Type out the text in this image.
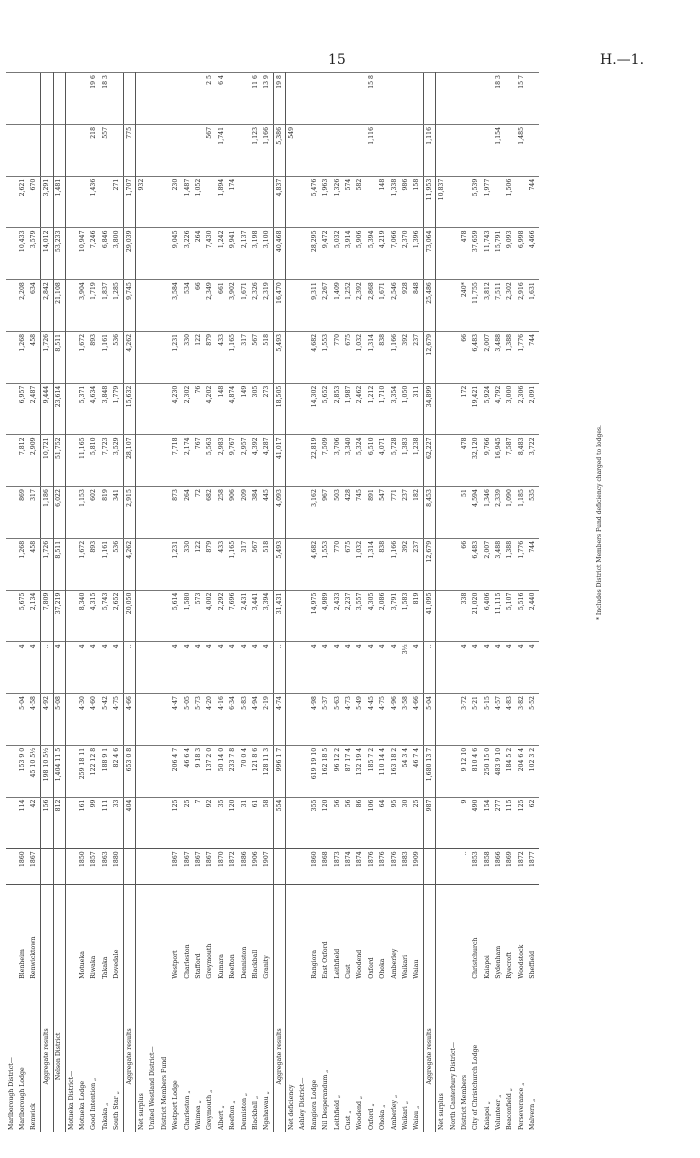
15	H.—1.
Marlborough District—																	
Marlborough Lodge	Blenheim	1860	114	153 9 0	5·04	4	5,675	1,268	869	7,812	6,957	1,268	2,208	10,433	2,621		
Renwick	Renwicktown	1867	42	45 10 5½	4·58	4	2,134	458	317	2,909	2,487	458	634	3,579	670		
Aggregate results			156	198 10 5½	4·92	..	7,809	1,726	1,186	10,721	9,444	1,726	2,842	14,012	3,291		
Nelson District			812	1,404 11 5	5·08	4	37,219	8,511	6,022	51,752	23,614	8,511	21,108	53,233	1,481		
Motueka District—																	
Motueka Lodge	Motueka	1850	161	259 18 11	4·30	4	8,340	1,672	1,153	11,165	5,371	1,672	3,904	10,947			
Good Intention „	Riwaka	1857	99	122 12 8	4·60	4	4,315	893	602	5,810	4,634	893	1,719	7,246	1,436	218	19 6
Takaka „	Takaka	1863	111	188 9 1	5·42	4	5,743	1,161	819	7,723	3,848	1,161	1,837	6,846		557	18 3
South Star „	Dovedale	1880	33	82 4 6	4·75	4	2,652	536	341	3,529	1,779	536	1,285	3,800	271		
Aggregate results			404	653 0 8	4·66	..	20,050	4,262	2,915	28,107	15,632	4,262	9,745	29,039	1,707	775	
Net surplus															932		
United Westland District—																	
District Members Fund																	
Westport Lodge	Westport	1867	125	206 4 7	4·47	4	5,614	1,231	873	7,718	4,230	1,231	3,584	9,045	230		
Charleston „	Charleston	1867	25	46 6 4	5·05	4	1,580	330	264	2,174	2,302	330	534	3,226	1,487		
Waimea „	Stafford	1867	7	9 18 3	5·73	4	573	122	72	767	76	122	66	264	1,052		
Greymouth „	Greymouth	1867	92	137 2 0	4·20	4	4,002	879	682	5,563	4,202	879	2,349	7,430		567	2 5
Albert „	Kumara	1870	35	50 14 0	4·16	4	2,292	433	258	2,983	148	433	661	1,242	1,894	1,741	6 4
Reefton „	Reefton	1872	120	233 7 8	6·34	4	7,696	1,165	906	9,767	4,874	1,165	3,902	9,941	174		
Denniston „	Denniston	1886	31	70 0 4	5·83	4	2,431	317	209	2,957	149	317	1,671	2,137			
Blackball „	Blackball	1906	61	121 8 6	4·94	4	3,441	567	384	4,392	305	567	2,326	3,198		1,123	11 6
Ngahawau „	Granity	1907	58	128 11 3	2·19	4	3,394	518	445	4,287	273	518	2,319	3,100		1,166	13 9
Aggregate results			554	996 1 7	4·74	..	31,431	5,493	4,093	41,017	18,505	5,493	16,470	40,468	4,837	5,386	19 8
Net deficiency																549	
Ashley District—																	
Rangiora Lodge	Rangiora	1860	355	619 19 10	4·98	4	14,975	4,682	3,162	22,819	14,302	4,682	9,311	28,295	5,476		
Nil Desperandum „	East Oxford	1868	120	162 18 5	5·37	4	4,989	1,553	967	7,509	5,652	1,553	2,267	9,472	1,963		
Leithfield „	Leithfield	1873	56	96 12 2	5·63	4	2,433	770	503	3,706	2,853	770	1,409	5,032	1,326		
Cust „	Cust	1874	56	87 17 4	4·73	4	2,237	675	428	3,340	1,987	675	1,252	3,914	574		
Woodend „	Woodend	1874	86	132 19 4	5·49	4	3,557	1,032	745	5,324	2,462	1,032	2,392	5,906	582		
Oxford „	Oxford	1876	106	185 7 2	4·45	4	4,305	1,314	891	6,510	1,212	1,314	2,868	5,394		1,116	15 8
Ohoka „	Ohoka	1876	64	110 14 4	4·75	4	2,086	838	547	4,071	1,710	838	1,671	4,219	148		
Amberley „	Amberley	1876	95	163 18 2	4·96	4	3,791	1,166	771	5,728	3,354	1,166	2,546	7,066	1,338		
Waikari „	Waikari	1883	30	54 3 4	3·58	3½	1,583	392	237	1,383	1,050	392	928	2,370	986		
Waiau „	Waiau	1909	25	46 7 4	4·66	4	819	237	182	1,238	311	237	848	1,396	158		
Aggregate results			987	1,680 13 7	5·04	..	41,095	12,679	8,453	62,227	34,899	12,679	25,486	73,064	11,953	1,116	
Net surplus															10,837		
North Canterbury District—																	
District Members		..	9	9 12 10	3·72	4	338	66	51	478	172	66	240*	478			
City of Christchurch Lodge	Christchurch	1853	490	810 4 6	5·21	4	21,020	6,483	4,594	32,120	19,421	6,483	11,755	37,659	5,539		
Kaiapoi „	Kaiapoi	1858	154	250 15 0	5·15	4	6,406	2,007	1,346	9,766	5,924	2,007	3,812	11,743	1,977		
Volunteer „	Sydenham	1866	277	483 9 10	4·57	4	11,115	3,488	2,339	16,945	4,792	3,488	7,511	15,791		1,154	18 3
Beaconfield „	Ryecroft	1869	115	184 5 2	4·83	4	5,107	1,388	1,090	7,587	3,000	1,388	2,302	9,093	1,506		
Perseverance „	Woodstock	1872	125	204 6 4	3·82	4	5,516	1,776	1,185	8,483	2,306	1,776	2,916	6,998		1,485	15 7
Malvern „	Sheffield	1877	62	102 3 2	5·52	4	2,440	744	535	3,722	2,091	744	1,631	4,466	744		
* Includes District Members Fund deficiency charged to lodges.
